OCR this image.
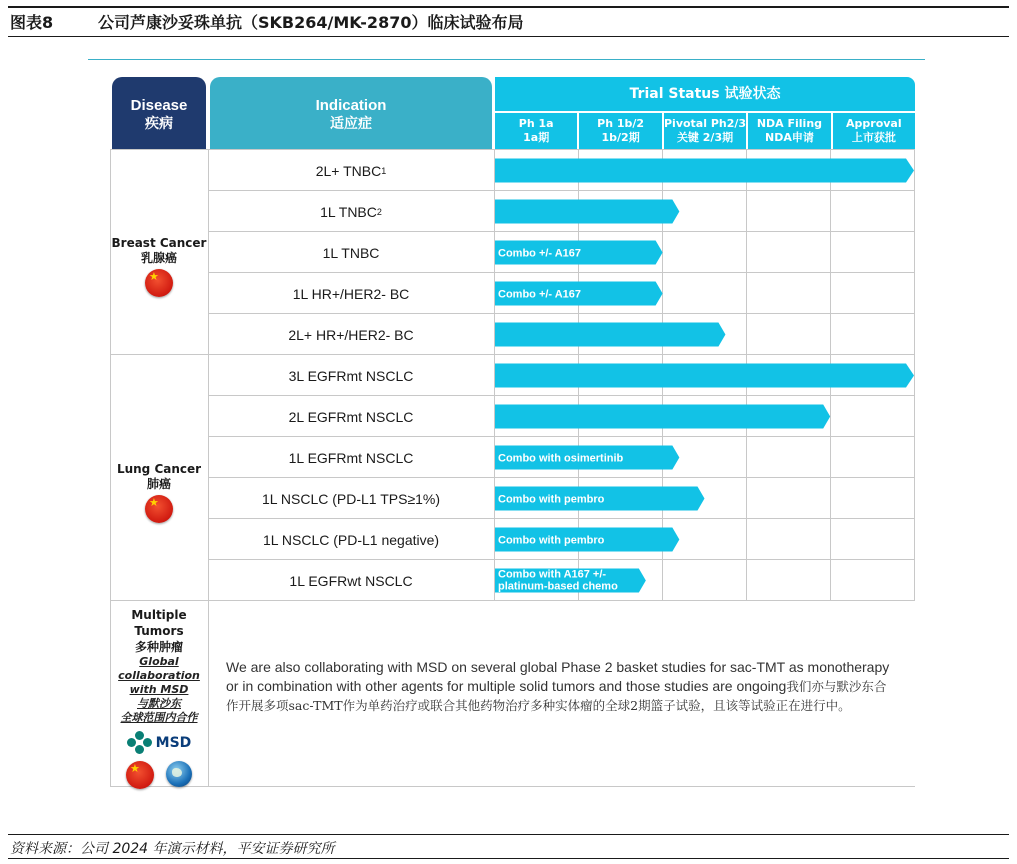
图表8	公司芦康沙妥珠单抗（SKB264/MK-2870）临床试验布局
Disease
疾病
Indication
适应症
Trial Status 试验状态
Ph 1a
1a期
Ph 1b/2
1b/2期
Pivotal Ph2/3
关键 2/3期
NDA Filing
NDA申请
Approval
上市获批
2L+ TNBC 1
1L TNBC 2
1L TNBC
1L HR+/HER2- BC
2L+ HR+/HER2- BC
3L EGFRmt NSCLC
2L EGFRmt NSCLC
1L EGFRmt NSCLC
1L NSCLC (PD-L1 TPS≥1%)
1L NSCLC (PD-L1 negative)
1L EGFRwt NSCLC
Breast Cancer
乳腺癌
★
Lung Cancer
肺癌
★
Multiple
Tumors
多种肿瘤
Global
collaboration
with MSD
与默沙东
全球范围内合作
MSD
★
Combo +/- A167
Combo +/- A167
Combo with osimertinib
Combo with pembro
Combo with pembro
Combo with A167 +/-
platinum-based chemo
We are also collaborating with MSD on several global Phase 2 basket studies for sac-TMT as monotherapy or in combination with other agents for multiple solid tumors and those studies are ongoing我们亦与默沙东合作开展多项sac-TMT作为单药治疗或联合其他药物治疗多种实体瘤的全球2期篮子试验，且该等试验正在进行中。
资料来源：公司 2024 年演示材料，平安证券研究所
